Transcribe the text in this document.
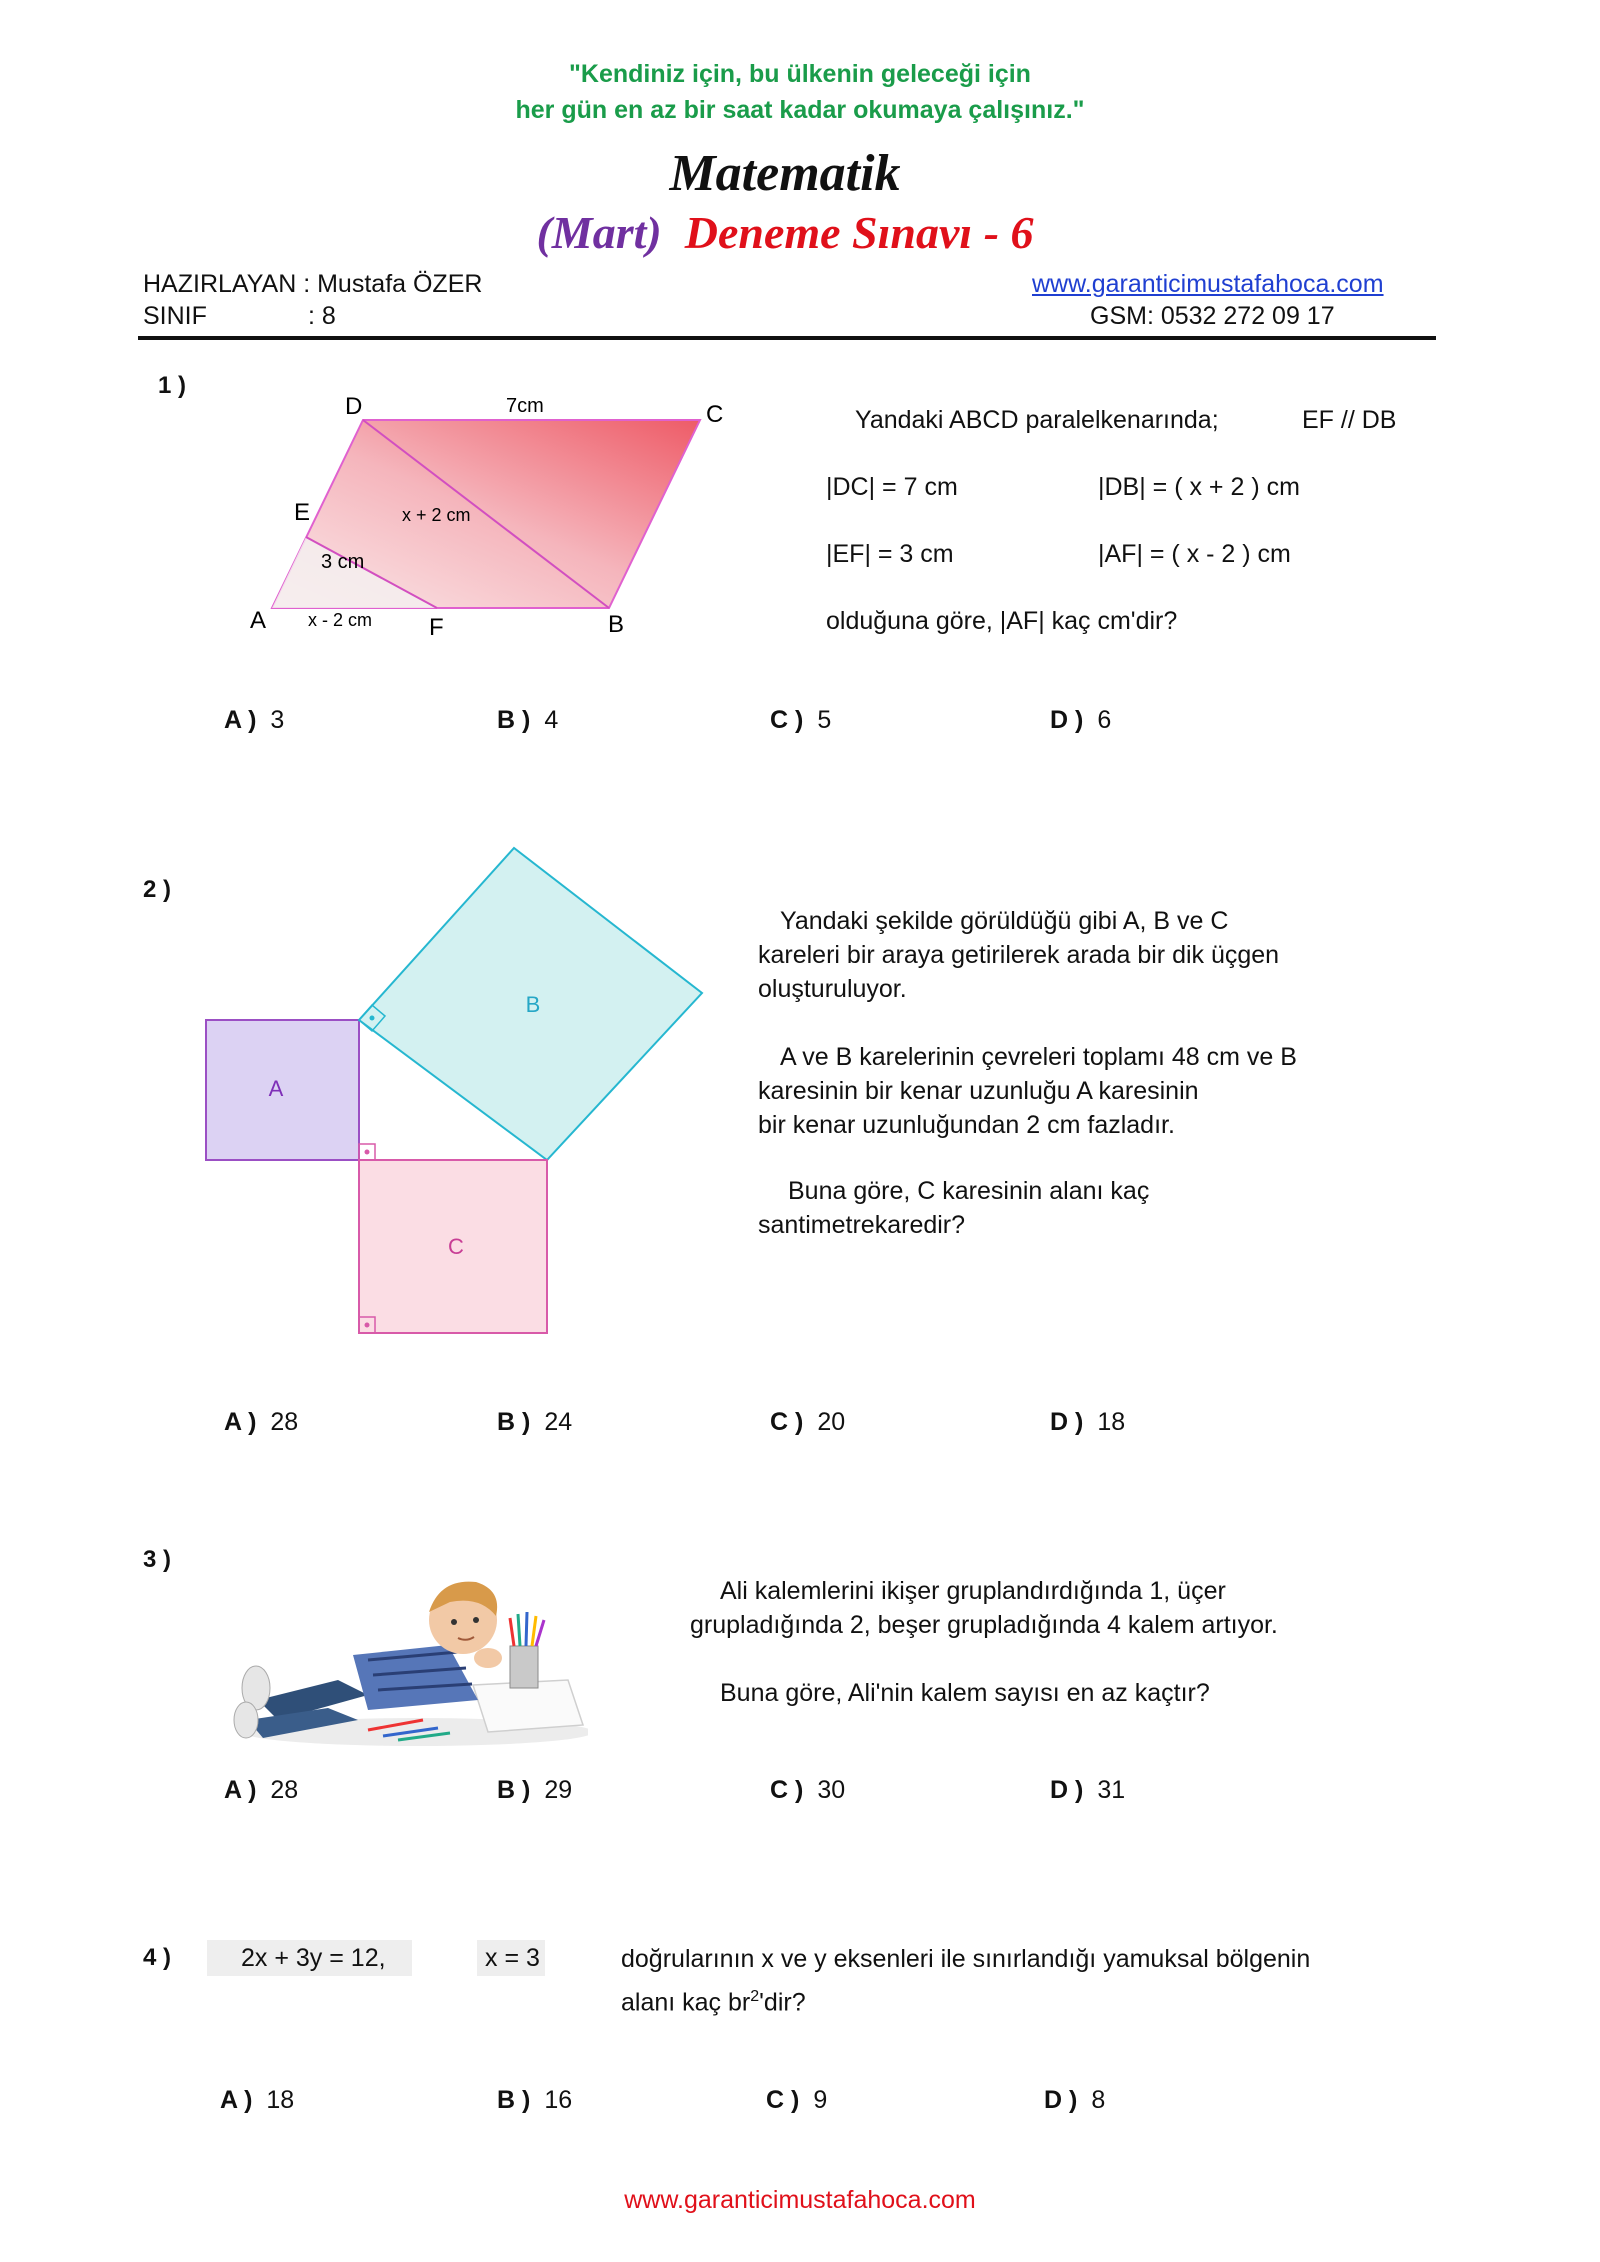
"Kendiniz için, bu ülkenin geleceği için
her gün en az bir saat kadar okumaya çalışınız."
Matematik
(Mart) Deneme Sınavı - 6
HAZIRLAYAN : Mustafa ÖZER
SINIF	: 8
www.garanticimustafahoca.com
GSM: 0532 272 09 17
1 )
A	B
C
D
E
F
7cm
x + 2 cm
3 cm
x - 2 cm
Yandaki ABCD paralelkenarında;	EF // DB
|DC| = 7 cm	|DB| = ( x + 2 ) cm
|EF| = 3 cm	|AF| = ( x - 2 ) cm
olduğuna göre, |AF| kaç cm'dir?
A ) 3	B ) 4	C ) 5	D ) 6
2 )
A
B
C
Yandaki şekilde görüldüğü gibi A, B ve C
kareleri bir araya getirilerek arada bir dik üçgen
oluşturuluyor.
A ve B karelerinin çevreleri toplamı 48 cm ve B
karesinin bir kenar uzunluğu A karesinin
bir kenar uzunluğundan 2 cm fazladır.
Buna göre, C karesinin alanı kaç
santimetrekaredir?
A ) 28	B ) 24	C ) 20	D ) 18
3 )
Ali kalemlerini ikişer gruplandırdığında 1, üçer
grupladığında 2, beşer grupladığında 4 kalem artıyor.
Buna göre, Ali'nin kalem sayısı en az kaçtır?
A ) 28	B ) 29	C ) 30	D ) 31
4 )	2x + 3y = 12,	x = 3	doğrularının x ve y eksenleri ile sınırlandığı yamuksal bölgenin
alanı kaç $br^2'dir$?
A ) 18	B ) 16	C ) 9	D ) 8
www.garanticimustafahoca.com
